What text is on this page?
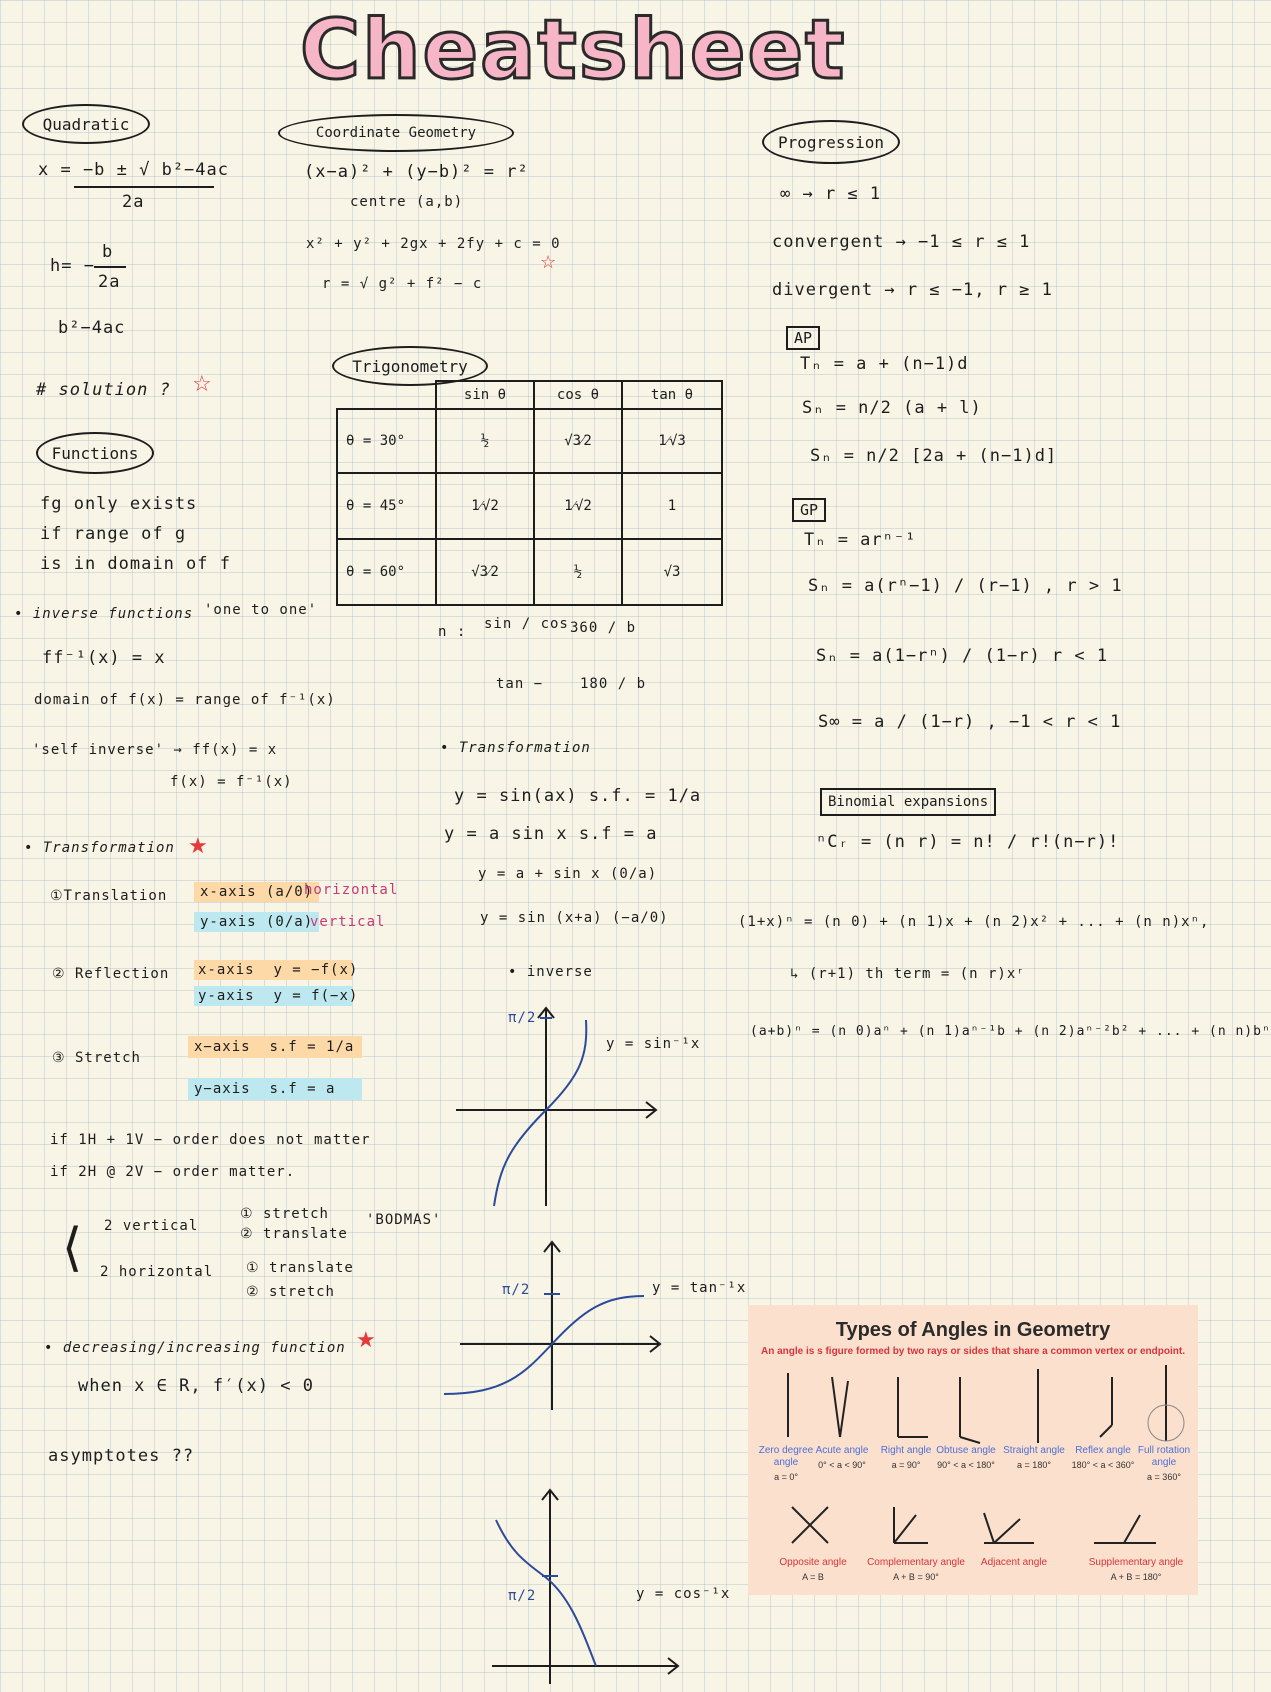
Cheatsheet
Quadratic
x = −b ± √ b²−4ac
2a
h= −
b
2a
b²−4ac
# solution ? ☆
Functions
fg only exists
if range of g
is in domain of f
• inverse functions 'one to one'
ff⁻¹(x) = x
domain of f(x) = range of f⁻¹(x)
'self inverse' → ff(x) = x
f(x) = f⁻¹(x)
• Transformation ★
①Translation	x-axis (a/0)
horizontal
y-axis (0/a)
vertical
② Reflection x-axis y = −f(x)
y-axis y = f(−x)
③ Stretch
x−axis s.f = 1/a
y−axis s.f = a
if 1H + 1V − order does not matter
if 2H @ 2V − order matter.
⟨ 2 vertical
① stretch
② translate
'BODMAS'
2 horizontal ① translate
② stretch
• decreasing/increasing function ★
when x ∈ R, f′(x) < 0
asymptotes ??
Coordinate Geometry
(x−a)² + (y−b)² = r²
centre (a,b)
x² + y² + 2gx + 2fy + c = 0
☆
r = √ g² + f² − c
Trigonometry
	sin θ	cos θ	tan θ
θ = 30°	½	√3⁄2	1⁄√3
θ = 45°	1⁄√2	1⁄√2	1
θ = 60°	√3⁄2	½	√3
n : sin / cos 360 / b
tan −	180 / b
• Transformation
y = sin(ax) s.f. = 1/a
y = a sin x s.f = a
y = a + sin x (0/a)
y = sin (x+a) (−a/0)
• inverse
π/2
y = sin⁻¹x
π/2	y = tan⁻¹x
π/2	y = cos⁻¹x
Progression
∞ → r ≤ 1
convergent → −1 ≤ r ≤ 1
divergent → r ≤ −1, r ≥ 1
AP
Tₙ = a + (n−1)d
Sₙ = n/2 (a + l)
Sₙ = n/2 [2a + (n−1)d]
GP
Tₙ = arⁿ⁻¹
Sₙ = a(rⁿ−1) / (r−1) , r > 1
Sₙ = a(1−rⁿ) / (1−r) r < 1
S∞ = a / (1−r) , −1 < r < 1
Binomial expansions
ⁿCᵣ = (n r) = n! / r!(n−r)!
(1+x)ⁿ = (n 0) + (n 1)x + (n 2)x² + ... + (n n)xⁿ,
↳ (r+1) th term = (n r)xʳ
(a+b)ⁿ = (n 0)aⁿ + (n 1)aⁿ⁻¹b + (n 2)aⁿ⁻²b² + ... + (n n)bⁿ
Types of Angles in Geometry
An angle is s figure formed by two rays or sides that share a common vertex or endpoint.
Zero degree angle
a = 0°
Acute angle
0° < a < 90°
Right angle
a = 90°
Obtuse angle
90° < a < 180°
Straight angle
a = 180°
Reflex angle
180° < a < 360°
Full rotation angle
a = 360°
Opposite angle
A = B
Complementary angle
A + B = 90°
Adjacent angle	Supplementary angle
A + B = 180°
